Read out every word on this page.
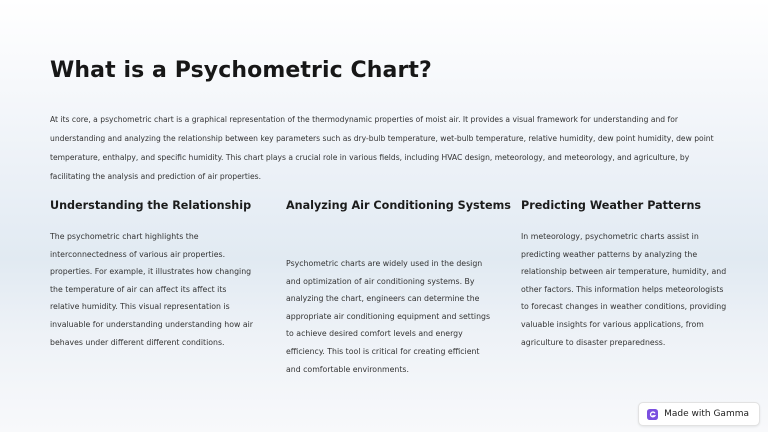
What is a Psychometric Chart?

At its core, a psychometric chart is a graphical representation of the thermodynamic properties of moist air. It provides a visual framework for understanding and for understanding and analyzing the relationship between key parameters such as dry-bulb temperature, wet-bulb temperature, relative humidity, dew point humidity, dew point temperature, enthalpy, and specific humidity. This chart plays a crucial role in various fields, including HVAC design, meteorology, and meteorology, and agriculture, by facilitating the analysis and prediction of air properties.

Understanding the Relationship

The psychometric chart highlights the interconnectedness of various air properties. properties. For example, it illustrates how changing the temperature of air can affect its affect its relative humidity. This visual representation is invaluable for understanding understanding how air behaves under different different conditions.

Analyzing Air Conditioning Systems

Psychometric charts are widely used in the design and optimization of air conditioning systems. By analyzing the chart, engineers can determine the appropriate air conditioning equipment and settings to achieve desired comfort levels and energy efficiency. This tool is critical for creating efficient and comfortable environments.

Predicting Weather Patterns

In meteorology, psychometric charts assist in predicting weather patterns by analyzing the relationship between air temperature, humidity, and other factors. This information helps meteorologists to forecast changes in weather conditions, providing valuable insights for various applications, from agriculture to disaster preparedness.

Made with Gamma
